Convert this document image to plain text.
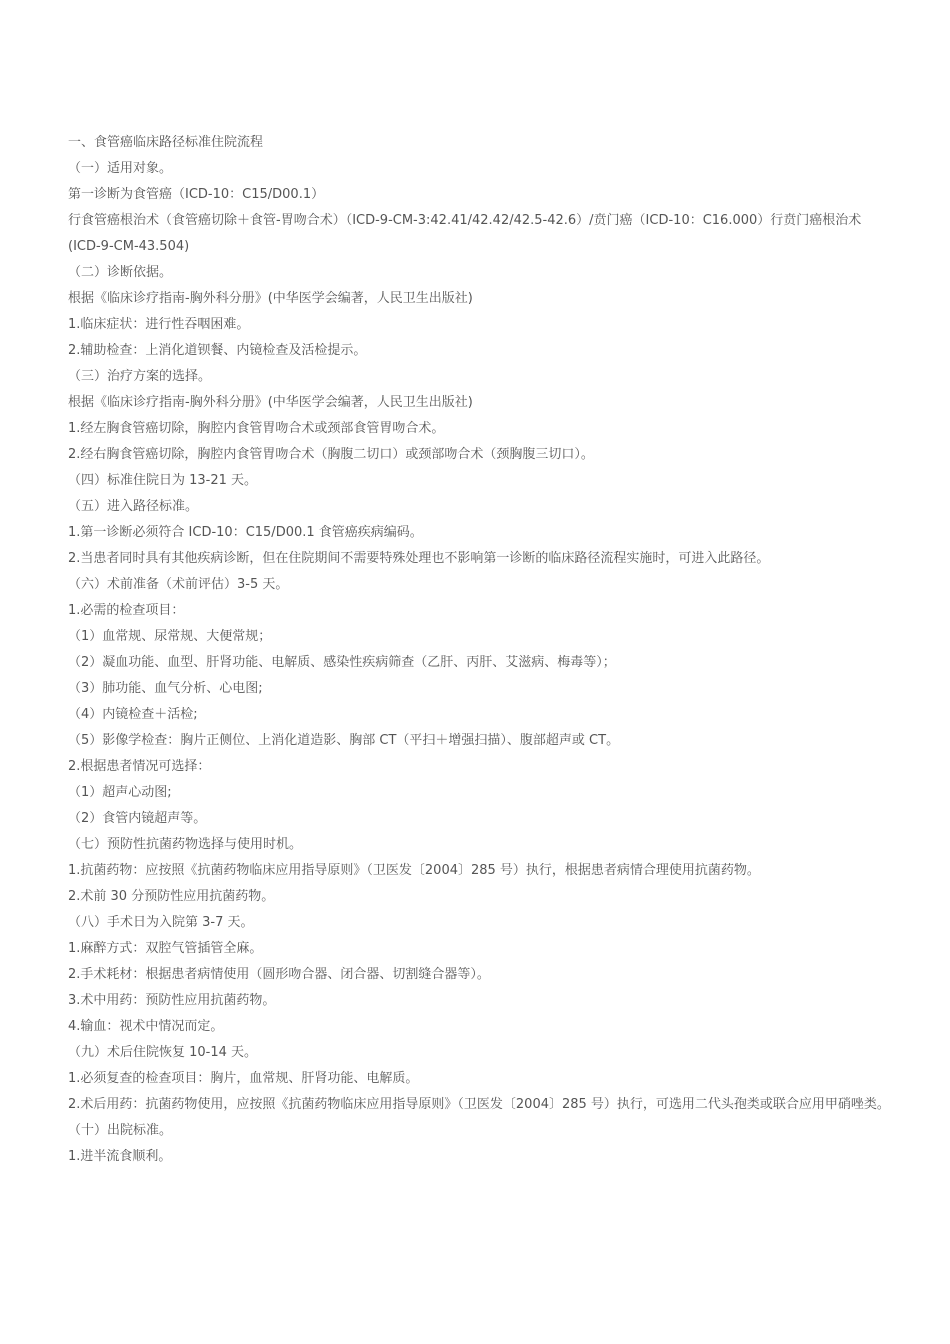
一、食管癌临床路径标准住院流程
（一）适用对象。
第一诊断为食管癌（ICD-10：C15/D00.1）
行食管癌根治术（食管癌切除＋食管-胃吻合术）（ICD-9-CM-3:42.41/42.42/42.5-42.6）/贲门癌（ICD-10：C16.000）行贲门癌根治术(ICD-9-CM-43.504)
（二）诊断依据。
根据《临床诊疗指南-胸外科分册》(中华医学会编著，人民卫生出版社)
1.临床症状：进行性吞咽困难。
2.辅助检查：上消化道钡餐、内镜检查及活检提示。
（三）治疗方案的选择。
根据《临床诊疗指南-胸外科分册》(中华医学会编著，人民卫生出版社)
1.经左胸食管癌切除，胸腔内食管胃吻合术或颈部食管胃吻合术。
2.经右胸食管癌切除，胸腔内食管胃吻合术（胸腹二切口）或颈部吻合术（颈胸腹三切口）。
（四）标准住院日为 13-21 天。
（五）进入路径标准。
1.第一诊断必须符合 ICD-10：C15/D00.1 食管癌疾病编码。
2.当患者同时具有其他疾病诊断，但在住院期间不需要特殊处理也不影响第一诊断的临床路径流程实施时，可进入此路径。
（六）术前准备（术前评估）3-5 天。
1.必需的检查项目：
（1）血常规、尿常规、大便常规；
（2）凝血功能、血型、肝肾功能、电解质、感染性疾病筛查（乙肝、丙肝、艾滋病、梅毒等）；
（3）肺功能、血气分析、心电图;
（4）内镜检查＋活检;
（5）影像学检查：胸片正侧位、上消化道造影、胸部 CT（平扫＋增强扫描）、腹部超声或 CT。
2.根据患者情况可选择：
（1）超声心动图;
（2）食管内镜超声等。
（七）预防性抗菌药物选择与使用时机。
1.抗菌药物：应按照《抗菌药物临床应用指导原则》（卫医发〔2004〕285 号）执行，根据患者病情合理使用抗菌药物。
2.术前 30 分预防性应用抗菌药物。
（八）手术日为入院第 3-7 天。
1.麻醉方式：双腔气管插管全麻。
2.手术耗材：根据患者病情使用（圆形吻合器、闭合器、切割缝合器等）。
3.术中用药：预防性应用抗菌药物。
4.输血：视术中情况而定。
（九）术后住院恢复 10-14 天。
1.必须复查的检查项目：胸片，血常规、肝肾功能、电解质。
2.术后用药：抗菌药物使用，应按照《抗菌药物临床应用指导原则》（卫医发〔2004〕285 号）执行，可选用二代头孢类或联合应用甲硝唑类。
（十）出院标准。
1.进半流食顺利。
